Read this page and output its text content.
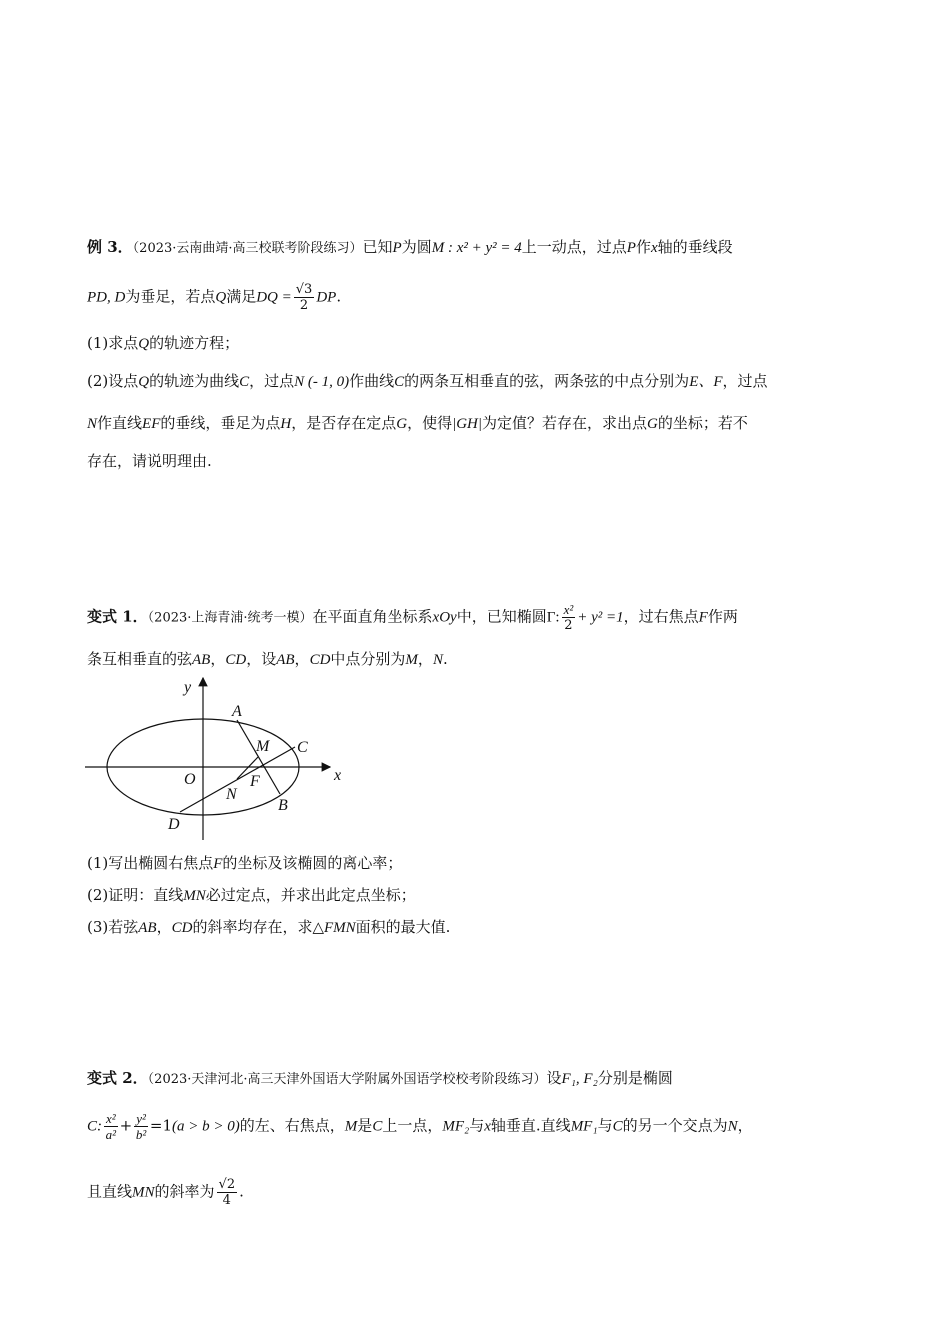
例 3．（2023·云南曲靖·高三校联考阶段练习）已知P为圆M : x² + y² = 4上一动点，过点P作x轴的垂线段
PD, D为垂足，若点Q满足DQ = $\frac{√3}{2}$ DP.
(1)求点Q的轨迹方程；
(2)设点Q的轨迹为曲线C，过点N (- 1, 0)作曲线C的两条互相垂直的弦，两条弦的中点分别为E、F，过点
N作直线EF的垂线，垂足为点H，是否存在定点G，使得|GH|为定值？若存在，求出点G的坐标；若不
存在，请说明理由.
变式 1．（2023·上海青浦·统考一模）在平面直角坐标系xOy中，已知椭圆Γ: $\frac{\text{x²}}{2} + y^2 =1$，过右焦点F作两
条互相垂直的弦AB，CD，设AB，CD中点分别为M，N.
y
x
O
A
M C
F
N
B
D
(1)写出椭圆右焦点F的坐标及该椭圆的离心率；
(2)证明：直线MN必过定点，并求出此定点坐标；
(3)若弦AB，CD的斜率均存在，求△FMN面积的最大值.
变式 2．（2023·天津河北·高三天津外国语大学附属外国语学校校考阶段练习）设F₁, F₂分别是椭圆
C: $\frac{\text{x²}}{\text{a²}} + \frac{\text{y²}}{\text{b²}} =1(a > b > 0)$的左、右焦点，M是C上一点，MF₂与x轴垂直.直线MF₁与C的另一个交点为N，
且直线MN的斜率为 $\frac{√2}{4}$ .
